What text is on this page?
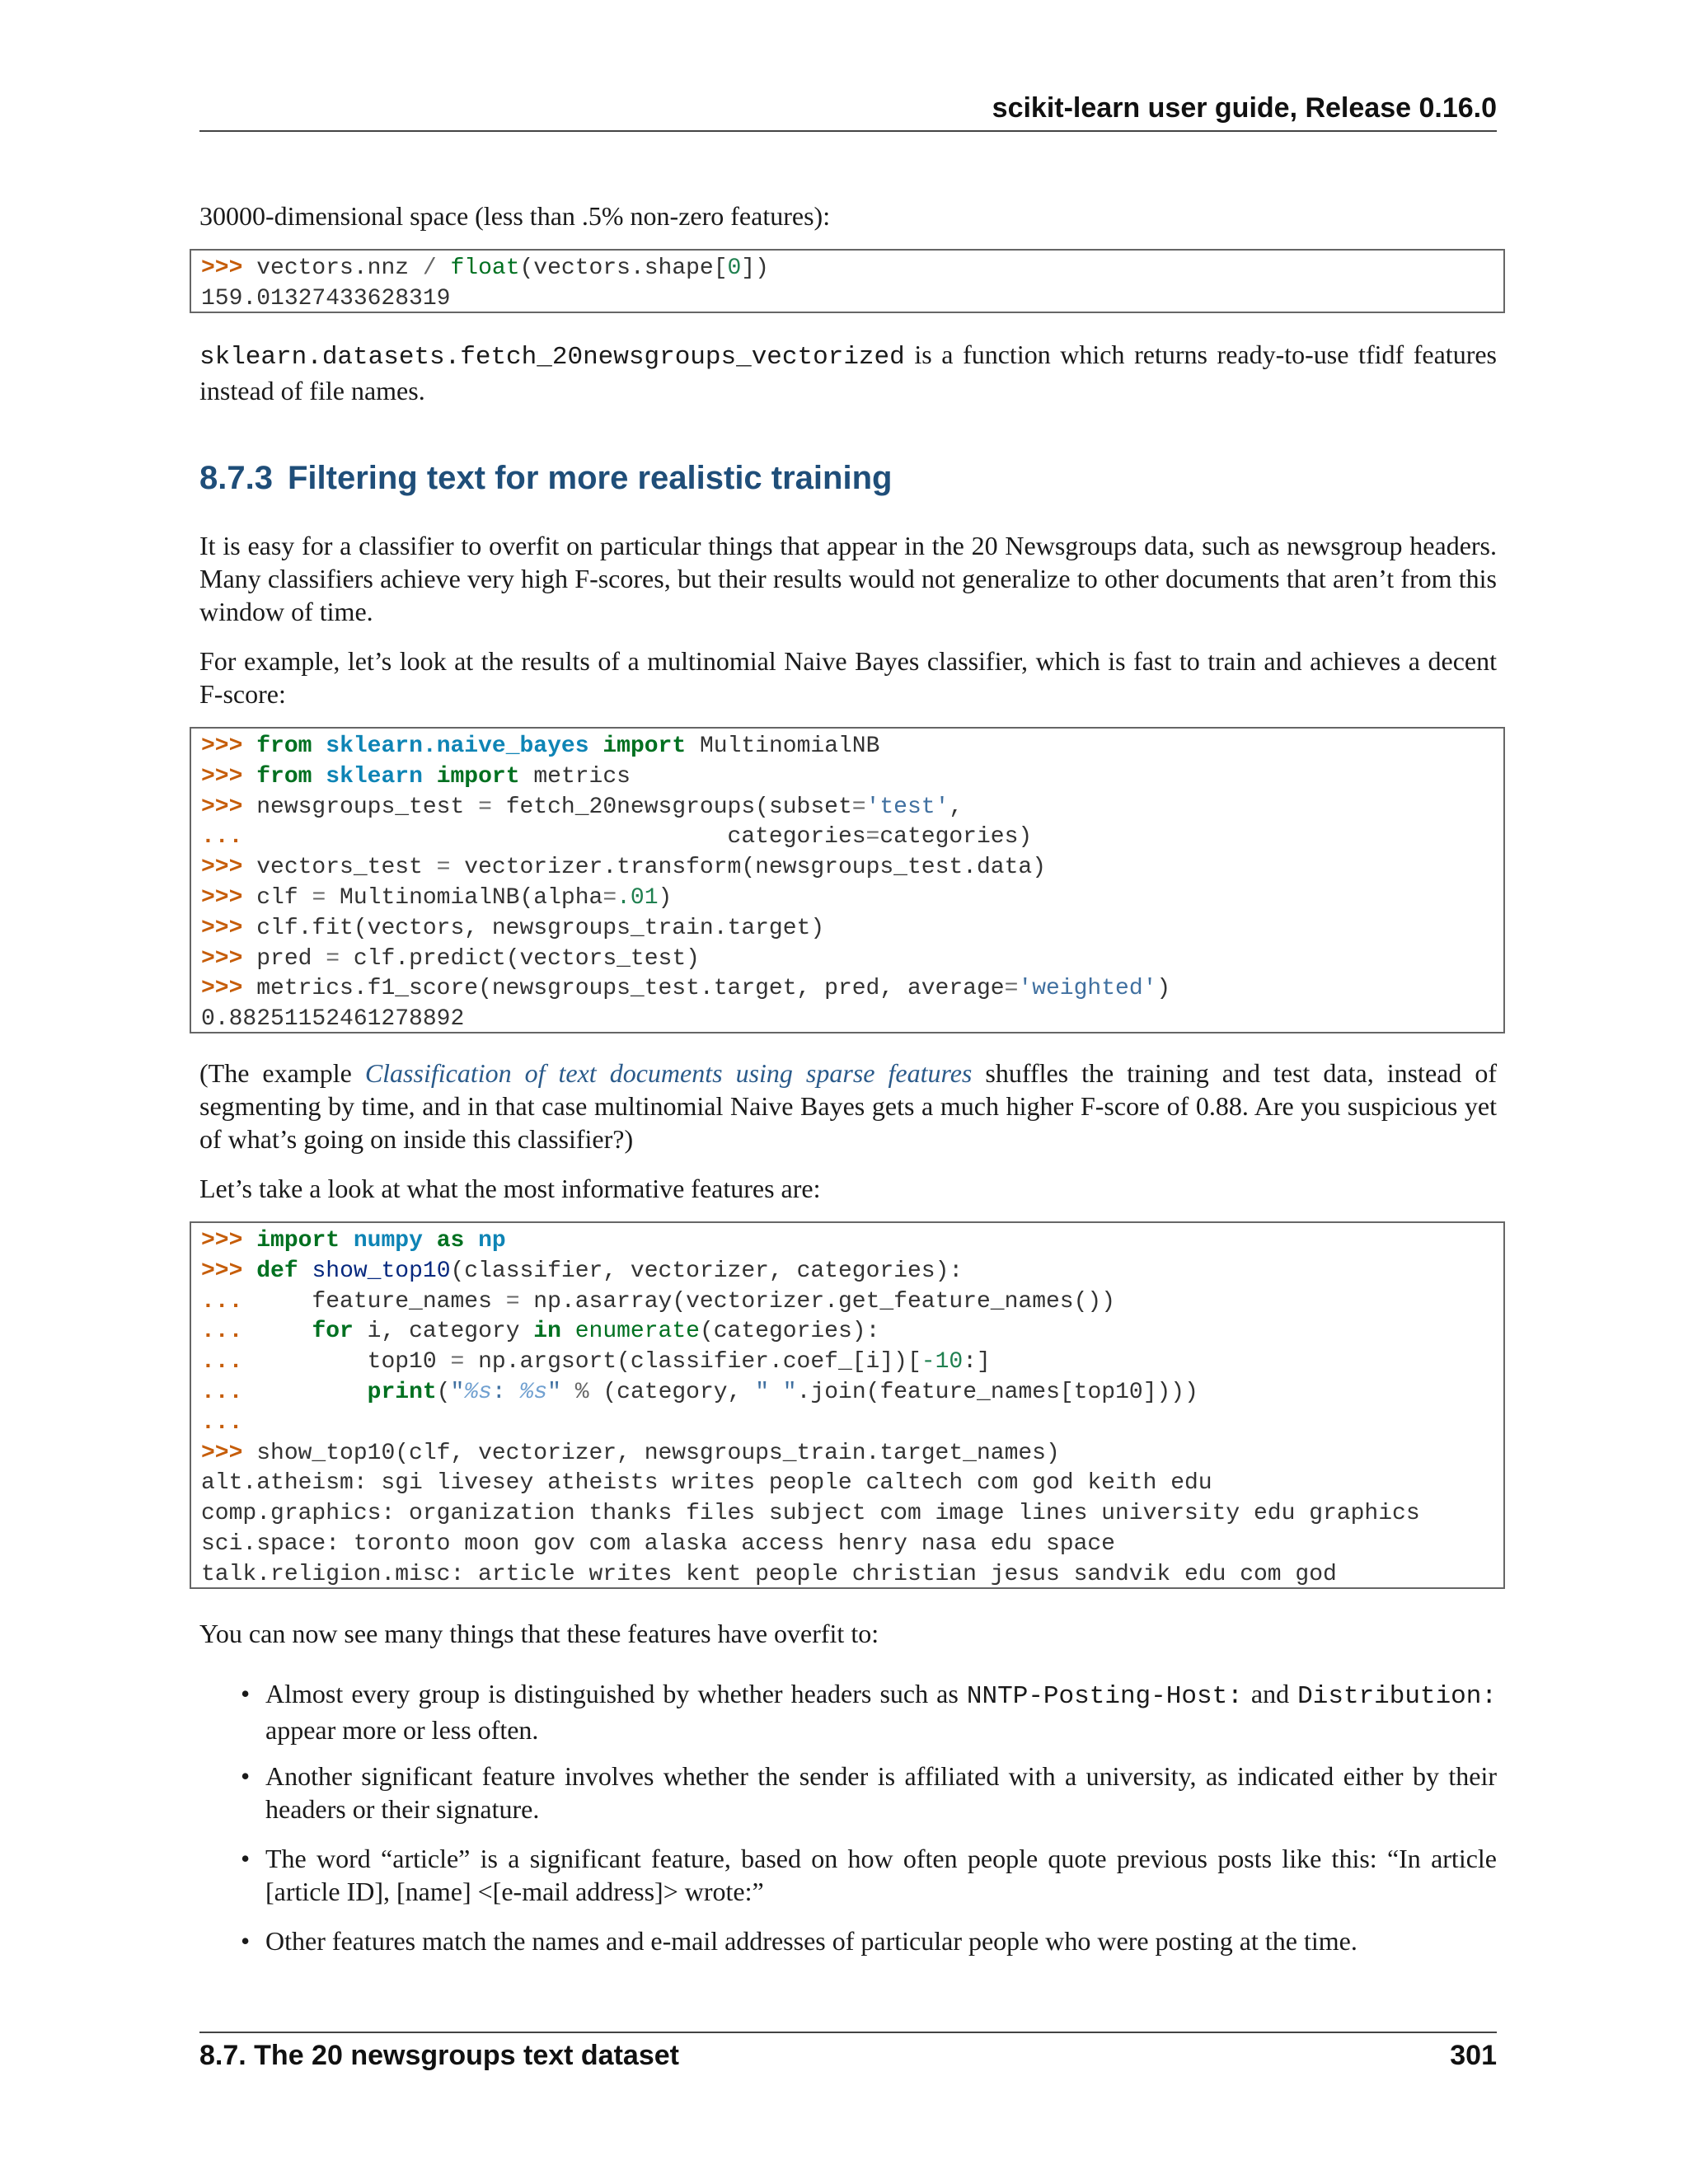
scikit-learn user guide, Release 0.16.0
30000-dimensional space (less than .5% non-zero features):
>>> vectors.nnz / float(vectors.shape[0])
159.01327433628319
sklearn.datasets.fetch_20newsgroups_vectorized is a function which returns ready-to-use tfidf features instead of file names.
8.7.3 Filtering text for more realistic training
It is easy for a classifier to overfit on particular things that appear in the 20 Newsgroups data, such as newsgroup headers. Many classifiers achieve very high F-scores, but their results would not generalize to other documents that aren’t from this window of time.
For example, let’s look at the results of a multinomial Naive Bayes classifier, which is fast to train and achieves a decent F-score:
>>> from sklearn.naive_bayes import MultinomialNB
>>> from sklearn import metrics
>>> newsgroups_test = fetch_20newsgroups(subset='test',
...                                   categories=categories)
>>> vectors_test = vectorizer.transform(newsgroups_test.data)
>>> clf = MultinomialNB(alpha=.01)
>>> clf.fit(vectors, newsgroups_train.target)
>>> pred = clf.predict(vectors_test)
>>> metrics.f1_score(newsgroups_test.target, pred, average='weighted')
0.88251152461278892
(The example Classification of text documents using sparse features shuffles the training and test data, instead of segmenting by time, and in that case multinomial Naive Bayes gets a much higher F-score of 0.88. Are you suspicious yet of what’s going on inside this classifier?)
Let’s take a look at what the most informative features are:
>>> import numpy as np
>>> def show_top10(classifier, vectorizer, categories):
...     feature_names = np.asarray(vectorizer.get_feature_names())
...	for i, category in enumerate(categories):
...         top10 = np.argsort(classifier.coef_[i])[-10:]
...	print("%s: %s" % (category, " ".join(feature_names[top10])))
...
>>> show_top10(clf, vectorizer, newsgroups_train.target_names)
alt.atheism: sgi livesey atheists writes people caltech com god keith edu
comp.graphics: organization thanks files subject com image lines university edu graphics
sci.space: toronto moon gov com alaska access henry nasa edu space
talk.religion.misc: article writes kent people christian jesus sandvik edu com god
You can now see many things that these features have overfit to:
• Almost every group is distinguished by whether headers such as NNTP-Posting-Host: and Distribution: appear more or less often.
• Another significant feature involves whether the sender is affiliated with a university, as indicated either by their headers or their signature.
• The word “article” is a significant feature, based on how often people quote previous posts like this: “In article [article ID], [name] <[e-mail address]> wrote:”
• Other features match the names and e-mail addresses of particular people who were posting at the time.
8.7. The 20 newsgroups text dataset	301
